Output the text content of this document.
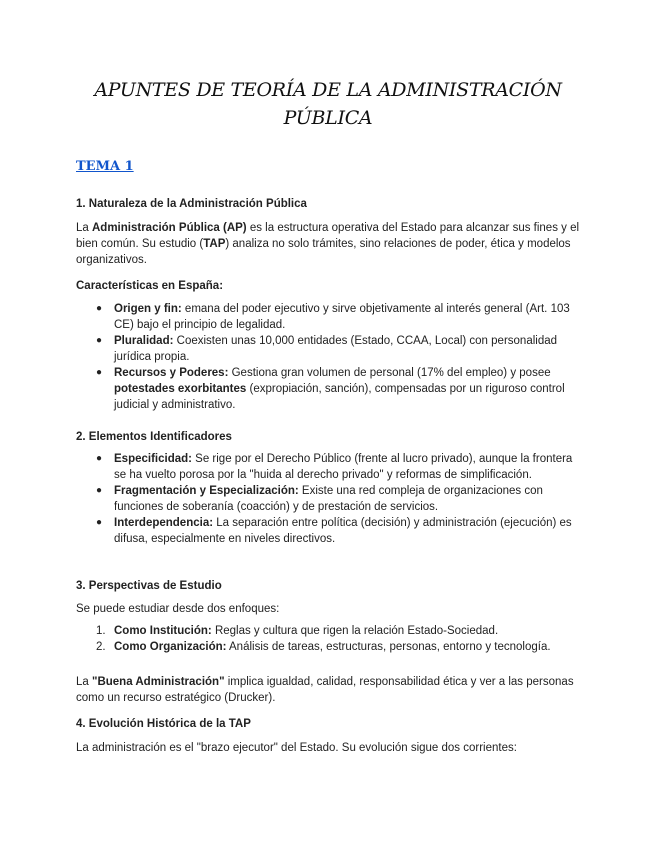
APUNTES DE TEORÍA DE LA ADMINISTRACIÓN PÚBLICA
TEMA 1
1. Naturaleza de la Administración Pública
La Administración Pública (AP) es la estructura operativa del Estado para alcanzar sus fines y el bien común. Su estudio (TAP) analiza no solo trámites, sino relaciones de poder, ética y modelos organizativos.
Características en España:
● Origen y fin: emana del poder ejecutivo y sirve objetivamente al interés general (Art. 103 CE) bajo el principio de legalidad.
● Pluralidad: Coexisten unas 10,000 entidades (Estado, CCAA, Local) con personalidad jurídica propia.
● Recursos y Poderes: Gestiona gran volumen de personal (17% del empleo) y posee potestades exorbitantes (expropiación, sanción), compensadas por un riguroso control judicial y administrativo.
2. Elementos Identificadores
● Especificidad: Se rige por el Derecho Público (frente al lucro privado), aunque la frontera se ha vuelto porosa por la "huida al derecho privado" y reformas de simplificación.
● Fragmentación y Especialización: Existe una red compleja de organizaciones con funciones de soberanía (coacción) y de prestación de servicios.
● Interdependencia: La separación entre política (decisión) y administración (ejecución) es difusa, especialmente en niveles directivos.
3. Perspectivas de Estudio
Se puede estudiar desde dos enfoques:
1. Como Institución: Reglas y cultura que rigen la relación Estado-Sociedad.
2. Como Organización: Análisis de tareas, estructuras, personas, entorno y tecnología.
La "Buena Administración" implica igualdad, calidad, responsabilidad ética y ver a las personas como un recurso estratégico (Drucker).
4. Evolución Histórica de la TAP
La administración es el "brazo ejecutor" del Estado. Su evolución sigue dos corrientes:
